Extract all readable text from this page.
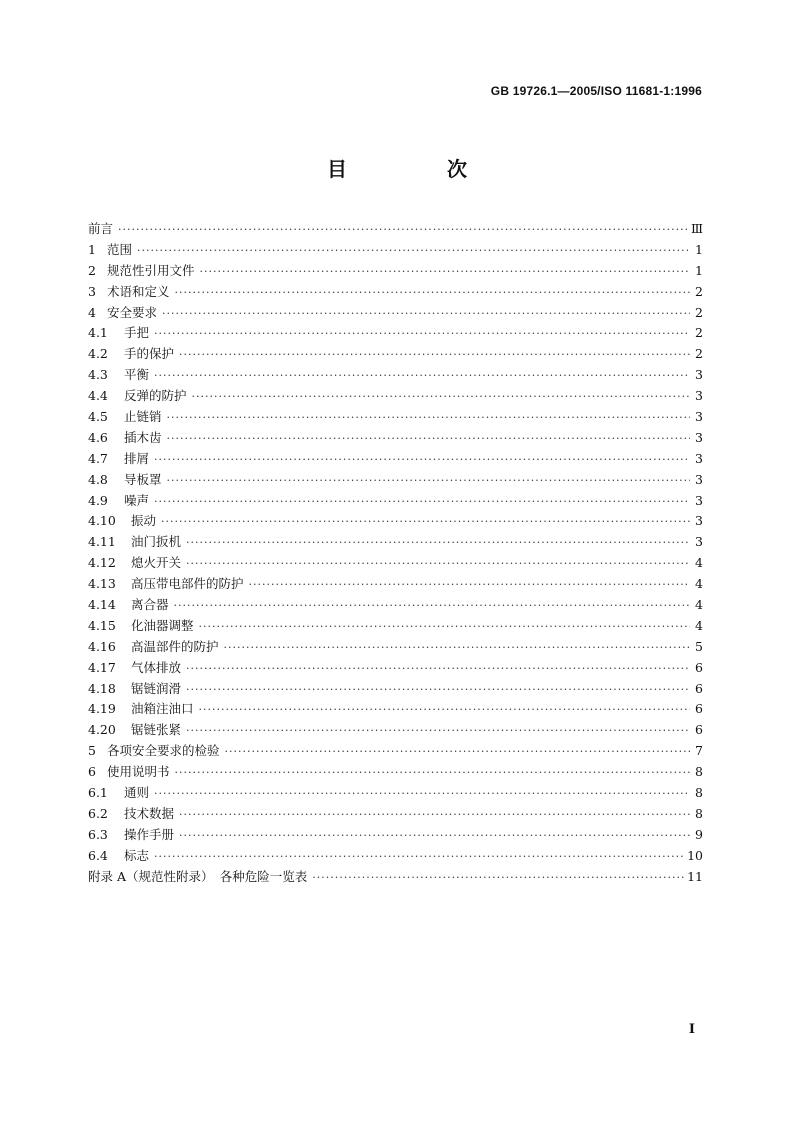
GB 19726.1—2005/ISO 11681-1:1996
目　次
前言 ·····	Ⅲ
1 范围 ·····	1
2 规范性引用文件 ·····	1
3 术语和定义 ·····	2
4 安全要求 ·····	2
4.1	手把 ·····	2
4.2	手的保护 ·····	2
4.3	平衡 ·····	3
4.4	反弹的防护 ·····	3
4.5	止链销 ·····	3
4.6	插木齿 ·····	3
4.7	排屑 ·····	3
4.8	导板罩 ·····	3
4.9	噪声 ·····	3
4.10	振动 ·····	3
4.11	油门扳机 ·····	3
4.12	熄火开关 ·····	4
4.13	高压带电部件的防护 ·····	4
4.14	离合器 ·····	4
4.15	化油器调整 ·····	4
4.16	高温部件的防护 ·····	5
4.17	气体排放 ·····	6
4.18	锯链润滑 ·····	6
4.19	油箱注油口 ·····	6
4.20	锯链张紧 ·····	6
5 各项安全要求的检验 ·····	7
6 使用说明书 ·····	8
6.1	通则 ·····	8
6.2	技术数据 ·····	8
6.3	操作手册 ·····	9
6.4	标志 ·····	10
附录 A（规范性附录）　各种危险一览表 ·····	11
I
